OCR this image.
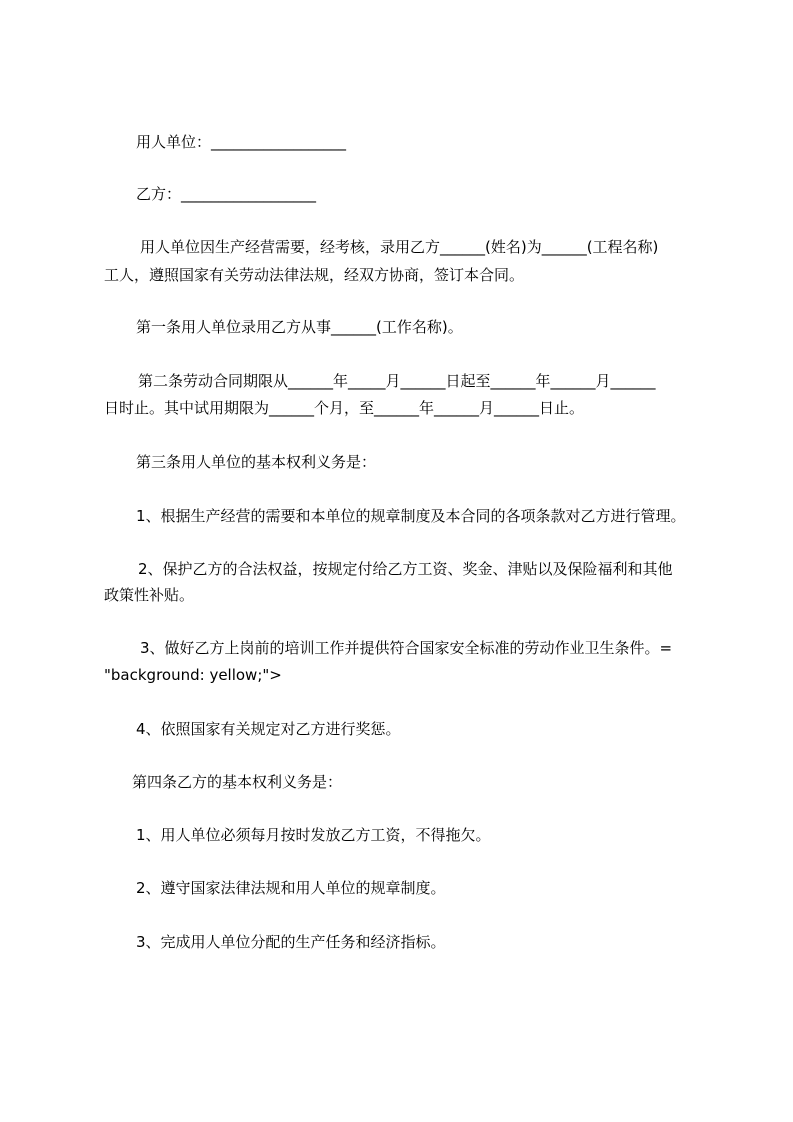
用人单位：__________________

乙方：__________________

用人单位因生产经营需要，经考核，录用乙方______(姓名)为______(工程名称)

工人，遵照国家有关劳动法律法规，经双方协商，签订本合同。

第一条用人单位录用乙方从事______(工作名称)。

第二条劳动合同期限从______年_____月______日起至______年______月______

日时止。其中试用期限为______个月，至______年______月______日止。

第三条用人单位的基本权利义务是：

1、根据生产经营的需要和本单位的规章制度及本合同的各项条款对乙方进行管理。

2、保护乙方的合法权益，按规定付给乙方工资、奖金、津贴以及保险福利和其他

政策性补贴。

3、做好乙方上岗前的培训工作并提供符合国家安全标准的劳动作业卫生条件。=

"background: yellow;">

4、依照国家有关规定对乙方进行奖惩。

第四条乙方的基本权利义务是：

1、用人单位必须每月按时发放乙方工资，不得拖欠。

2、遵守国家法律法规和用人单位的规章制度。

3、完成用人单位分配的生产任务和经济指标。
